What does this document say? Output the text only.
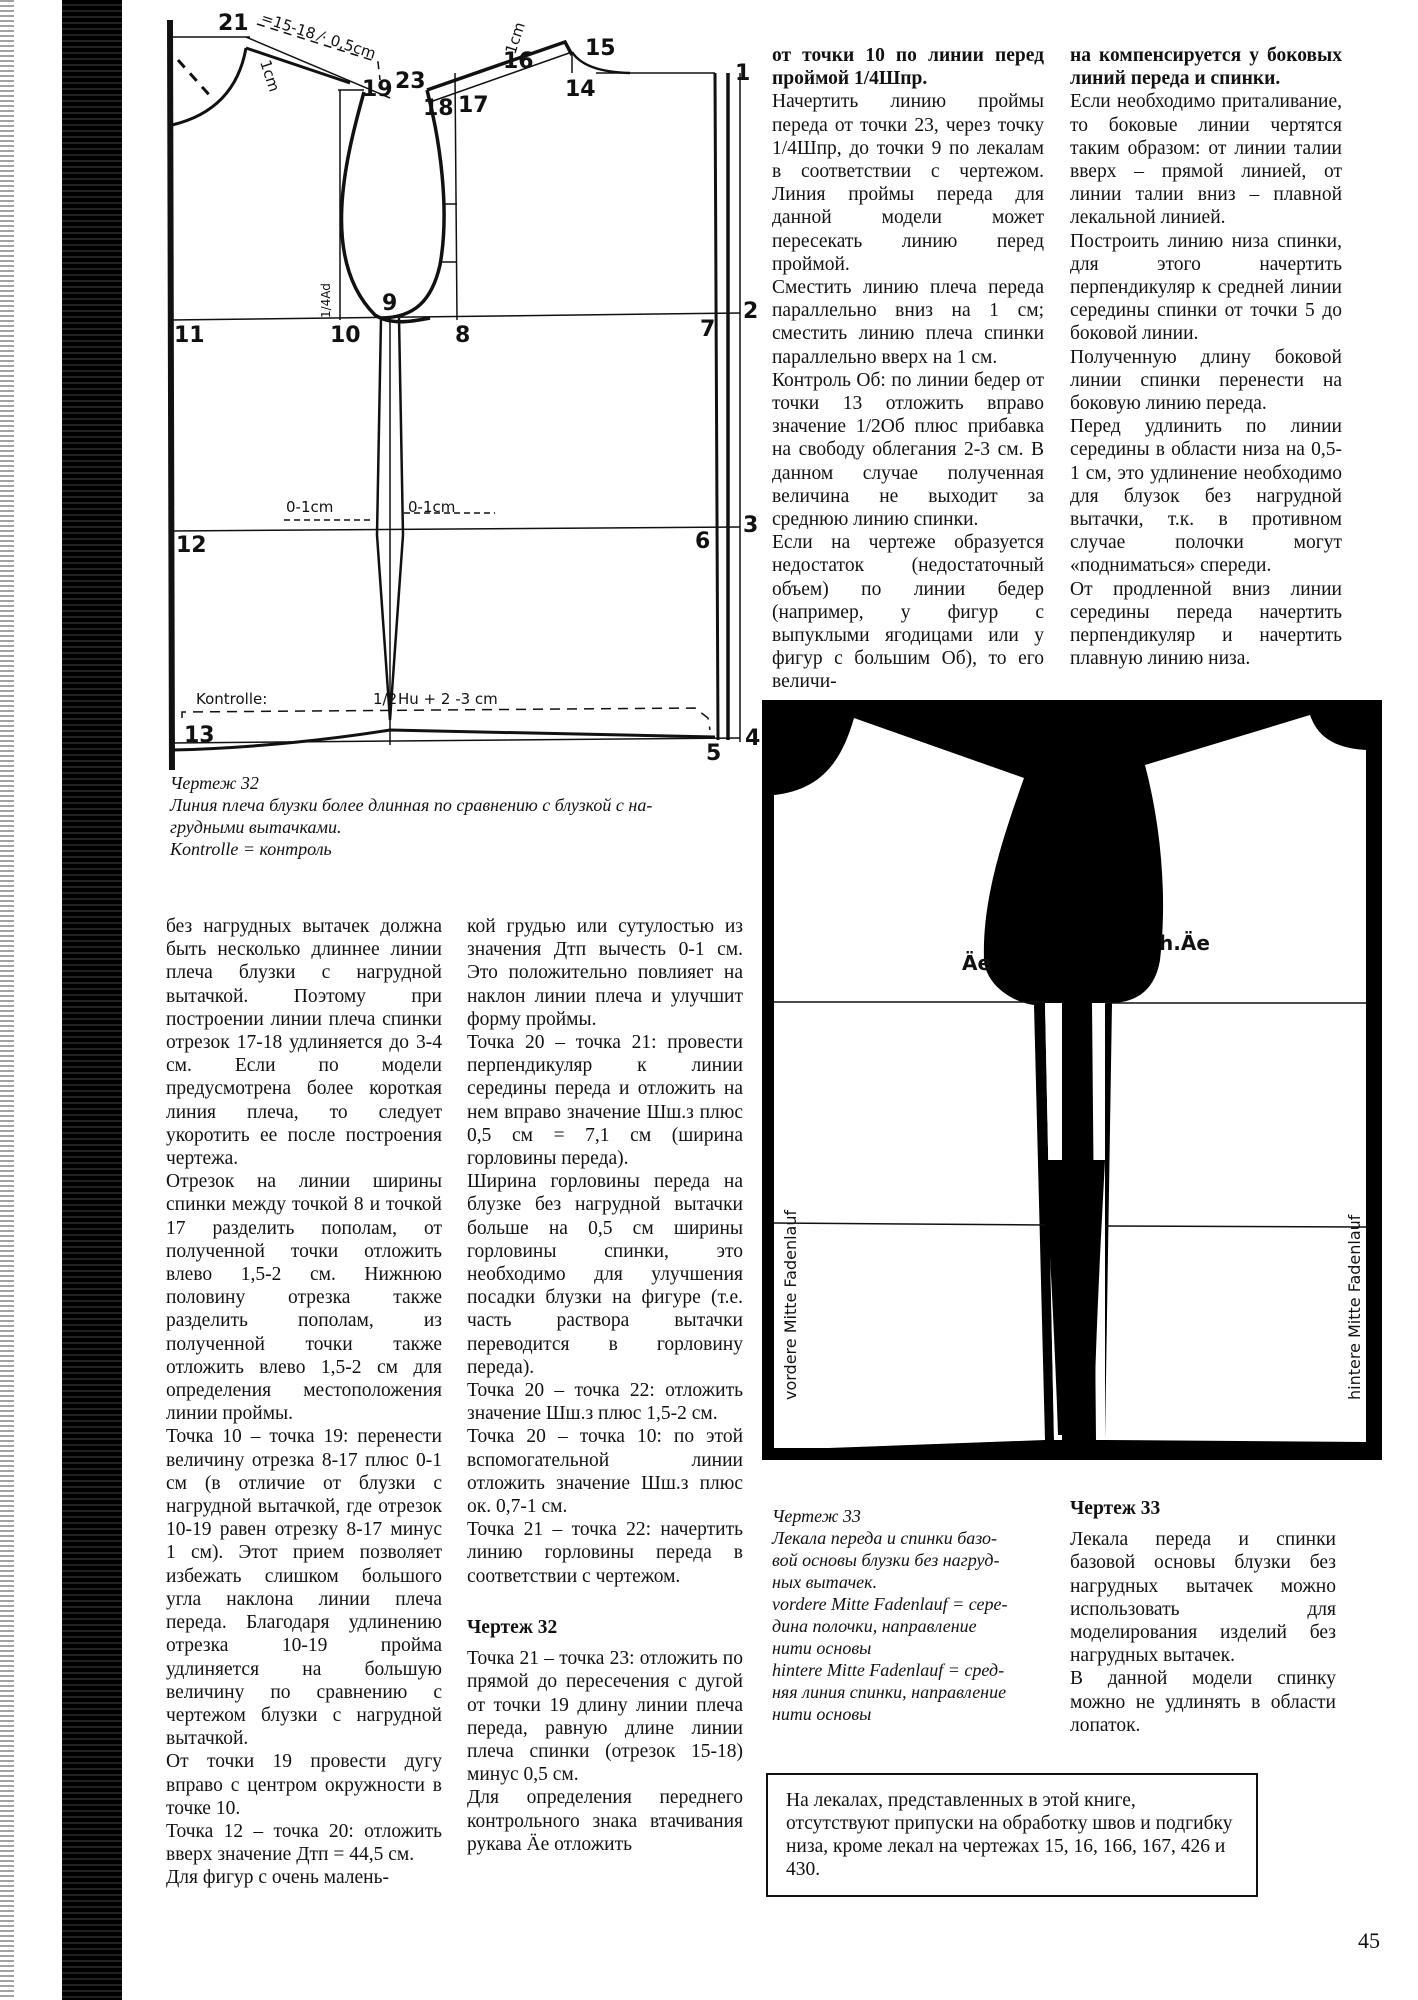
21
19 23
16
15
1
14
18 17
9
10	8	7
2
11
12	6
3
13	4
5
=15-18 ⁄· 0,5cm
1cm
1cm
1/4Ad
0-1cm	0-1cm
Kontrolle:	1/2 Hu + 2 -3 cm

Чертеж 32

Линия плеча блузки более длинная по сравнению с блузкой с на-

грудными вытачками.

Kontrolle = контроль

от точки 10 по линии перед проймой 1/4Шпр.

Начертить линию проймы переда от точки 23, через точку 1/4Шпр, до точки 9 по лекалам в соответствии с чертежом. Линия проймы переда для данной модели может пересекать линию перед проймой.

Сместить линию плеча переда параллельно вниз на 1 см; сместить линию плеча спинки параллельно вверх на 1 см.

Контроль Об: по линии бедер от точки 13 отложить вправо значение 1/2Об плюс прибавка на свободу облегания 2-3 см. В данном случае полученная величина не выходит за среднюю линию спинки.

Если на чертеже образуется недостаток (недостаточный объем) по линии бедер (например, у фигур с выпуклыми ягодицами или у фигур с большим Об), то его величи-

на компенсируется у боковых линий переда и спинки.

Если необходимо приталивание, то боковые линии чертятся таким образом: от линии талии вверх – прямой линией, от линии талии вниз – плавной лекальной линией.

Построить линию низа спинки, для этого начертить перпендикуляр к средней линии середины спинки от точки 5 до боковой линии.

Полученную длину боковой линии спинки перенести на боковую линию переда.

Перед удлинить по линии середины в области низа на 0,5-1 см, это удлинение необходимо для блузок без нагрудной вытачки, т.к. в противном случае полочки могут «подниматься» спереди.

От продленной вниз линии середины переда начертить перпендикуляр и начертить плавную линию низа.

Äe
h.Äe
vordere Mitte Fadenlauf	hintere Mitte Fadenlauf

Чертеж 33

Лекала переда и спинки базо-

вой основы блузки без нагруд-

ных вытачек.

vordere Mitte Fadenlauf = сере-

дина полочки, направление

нити основы

hintere Mitte Fadenlauf = сред-

няя линия спинки, направление

нити основы

без нагрудных вытачек должна быть несколько длиннее линии плеча блузки с нагрудной вытачкой. Поэтому при построении линии плеча спинки отрезок 17-18 удлиняется до 3-4 см. Если по модели предусмотрена более короткая линия плеча, то следует укоротить ее после построения чертежа.

Отрезок на линии ширины спинки между точкой 8 и точкой 17 разделить пополам, от полученной точки отложить влево 1,5-2 см. Нижнюю половину отрезка также разделить пополам, из полученной точки также отложить влево 1,5-2 см для определения местоположения линии проймы.

Точка 10 – точка 19: перенести величину отрезка 8-17 плюс 0-1 см (в отличие от блузки с нагрудной вытачкой, где отрезок 10-19 равен отрезку 8-17 минус 1 см). Этот прием позволяет избежать слишком большого угла наклона линии плеча переда. Благодаря удлинению отрезка 10-19 пройма удлиняется на большую величину по сравнению с чертежом блузки с нагрудной вытачкой.

От точки 19 провести дугу вправо с центром окружности в точке 10.

Точка 12 – точка 20: отложить вверх значение Дтп = 44,5 см.

Для фигур с очень малень-

кой грудью или сутулостью из значения Дтп вычесть 0-1 см. Это положительно повлияет на наклон линии плеча и улучшит форму проймы.

Точка 20 – точка 21: провести перпендикуляр к линии середины переда и отложить на нем вправо значение Шш.з плюс 0,5 см = 7,1 см (ширина горловины переда).

Ширина горловины переда на блузке без нагрудной вытачки больше на 0,5 см ширины горловины спинки, это необходимо для улучшения посадки блузки на фигуре (т.е. часть раствора вытачки переводится в горловину переда).

Точка 20 – точка 22: отложить значение Шш.з плюс 1,5-2 см.

Точка 20 – точка 10: по этой вспомогательной линии отложить значение Шш.з плюс ок. 0,7-1 см.

Точка 21 – точка 22: начертить линию горловины переда в соответствии с чертежом.

Чертеж 32

Точка 21 – точка 23: отложить по прямой до пересечения с дугой от точки 19 длину линии плеча переда, равную длине линии плеча спинки (отрезок 15-18) минус 0,5 см.

Для определения переднего контрольного знака втачивания рукава Äe отложить

Чертеж 33

Лекала переда и спинки базовой основы блузки без нагрудных вытачек можно использовать для моделирования изделий без нагрудных вытачек.

В данной модели спинку можно не удлинять в области лопаток.

На лекалах, представленных в этой книге, отсутствуют припуски на обработку швов и подгибку низа, кроме лекал на чертежах 15, 16, 166, 167, 426 и 430.
45
